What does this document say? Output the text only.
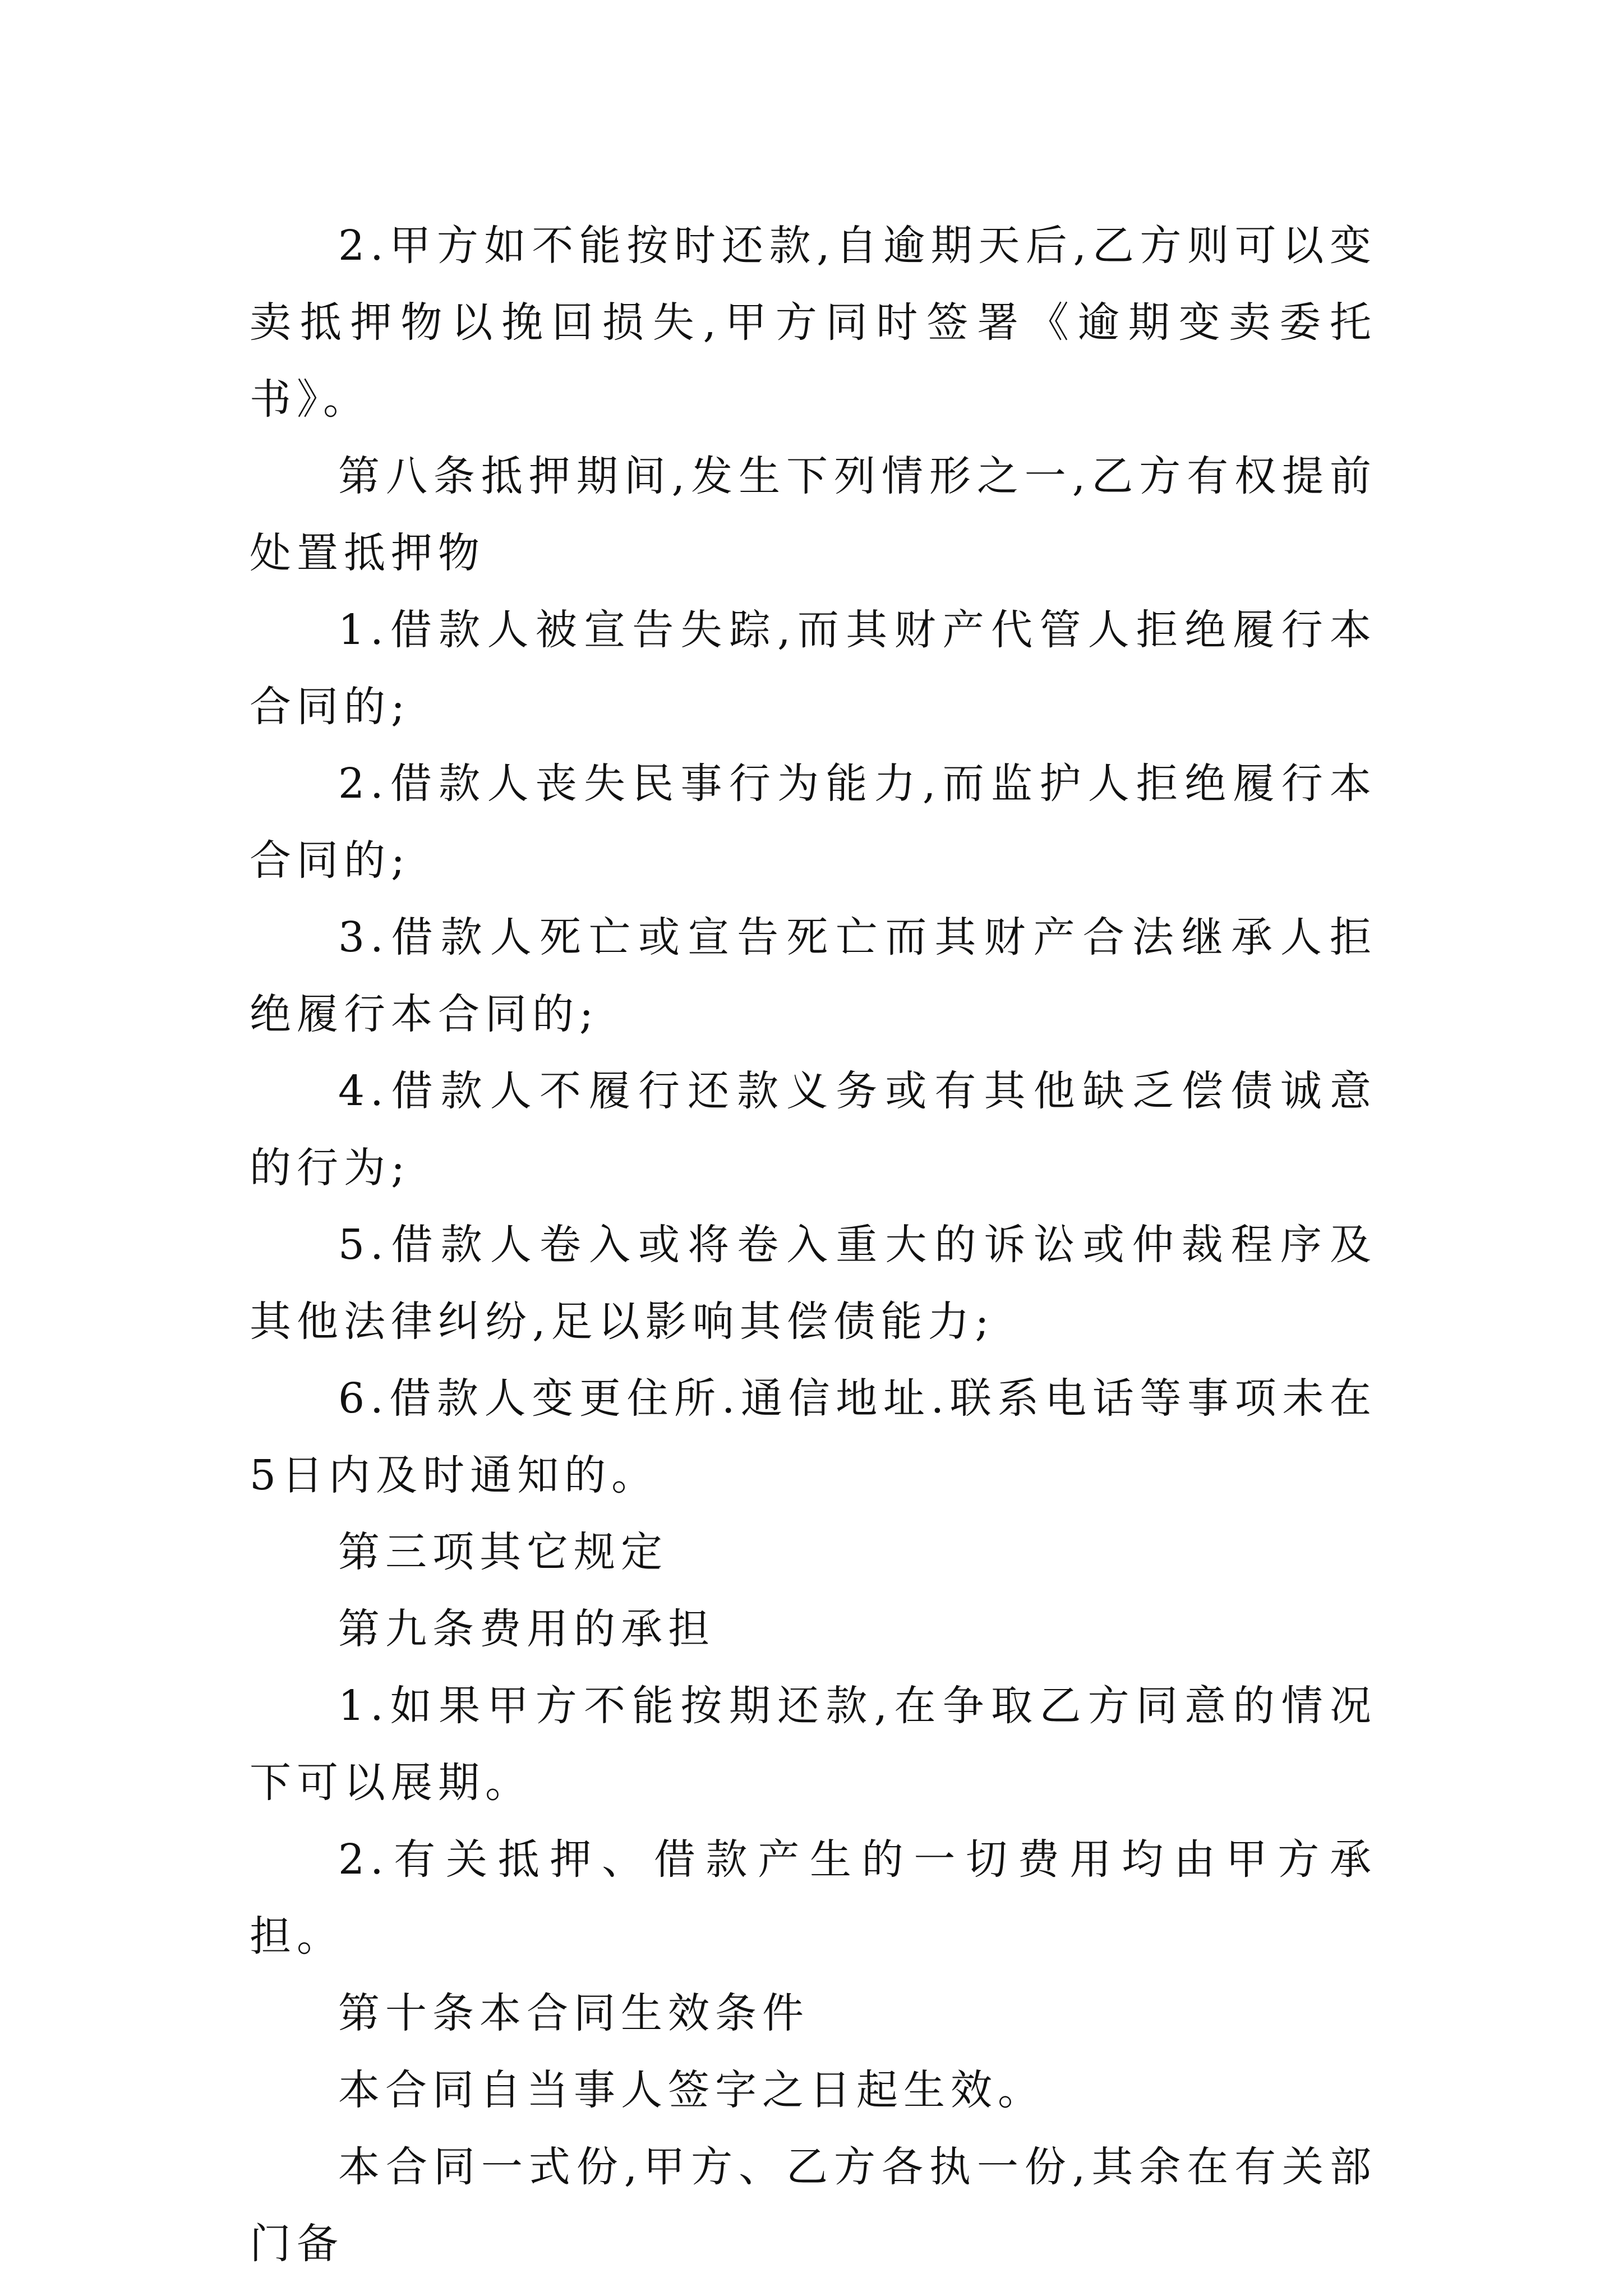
2.甲方如不能按时还款,自逾期天后,乙方则可以变卖抵押物以挽回损失,甲方同时签署《逾期变卖委托书》。

第八条抵押期间,发生下列情形之一,乙方有权提前处置抵押物

1.借款人被宣告失踪,而其财产代管人拒绝履行本合同的;

2.借款人丧失民事行为能力,而监护人拒绝履行本合同的;

3.借款人死亡或宣告死亡而其财产合法继承人拒绝履行本合同的;

4.借款人不履行还款义务或有其他缺乏偿债诚意的行为;

5.借款人卷入或将卷入重大的诉讼或仲裁程序及其他法律纠纷,足以影响其偿债能力;

6.借款人变更住所.通信地址.联系电话等事项未在5日内及时通知的。

第三项其它规定

第九条费用的承担

1.如果甲方不能按期还款,在争取乙方同意的情况下可以展期。

2.有关抵押、借款产生的一切费用均由甲方承担。

第十条本合同生效条件

本合同自当事人签字之日起生效。

本合同一式份,甲方、乙方各执一份,其余在有关部门备
